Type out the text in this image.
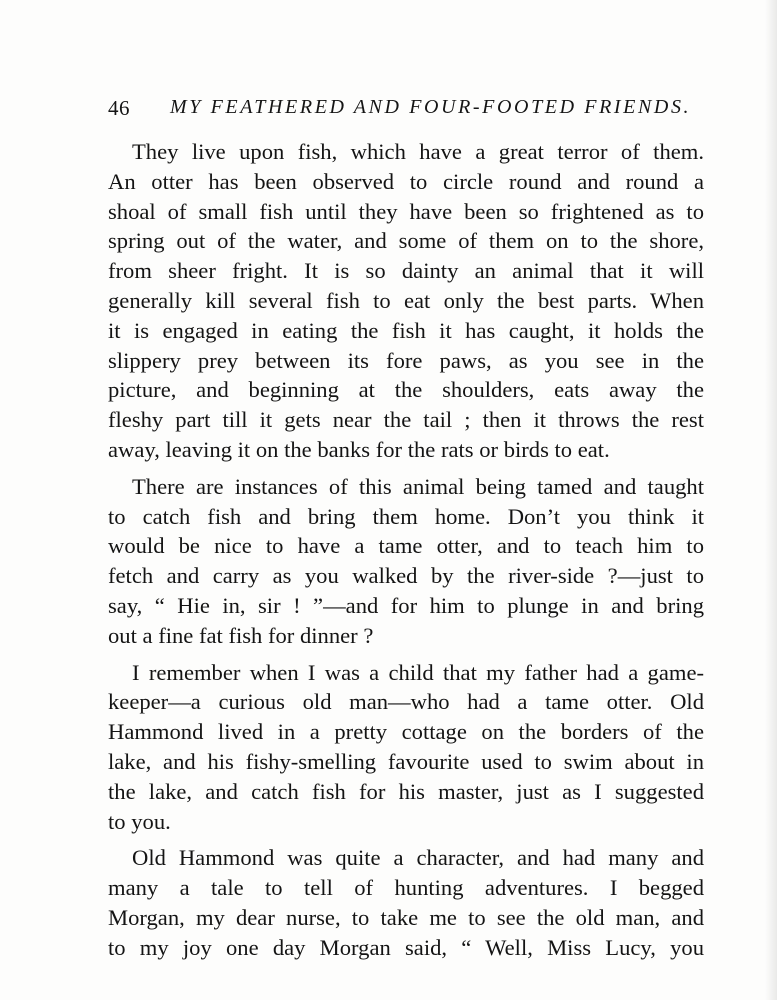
46 MY FEATHERED AND FOUR-FOOTED FRIENDS.

They live upon fish, which have a great terror of them.
An otter has been observed to circle round and round a
shoal of small fish until they have been so frightened as to
spring out of the water, and some of them on to the shore,
from sheer fright. It is so dainty an animal that it will
generally kill several fish to eat only the best parts. When
it is engaged in eating the fish it has caught, it holds the
slippery prey between its fore paws, as you see in the
picture, and beginning at the shoulders, eats away the
fleshy part till it gets near the tail ; then it throws the rest
away, leaving it on the banks for the rats or birds to eat.

There are instances of this animal being tamed and taught
to catch fish and bring them home. Don’t you think it
would be nice to have a tame otter, and to teach him to
fetch and carry as you walked by the river-side ?—just to
say, “ Hie in, sir ! ”—and for him to plunge in and bring
out a fine fat fish for dinner ?

I remember when I was a child that my father had a game-
keeper—a curious old man—who had a tame otter. Old
Hammond lived in a pretty cottage on the borders of the
lake, and his fishy-smelling favourite used to swim about in
the lake, and catch fish for his master, just as I suggested
to you.

Old Hammond was quite a character, and had many and
many a tale to tell of hunting adventures. I begged
Morgan, my dear nurse, to take me to see the old man, and
to my joy one day Morgan said, “ Well, Miss Lucy, you
